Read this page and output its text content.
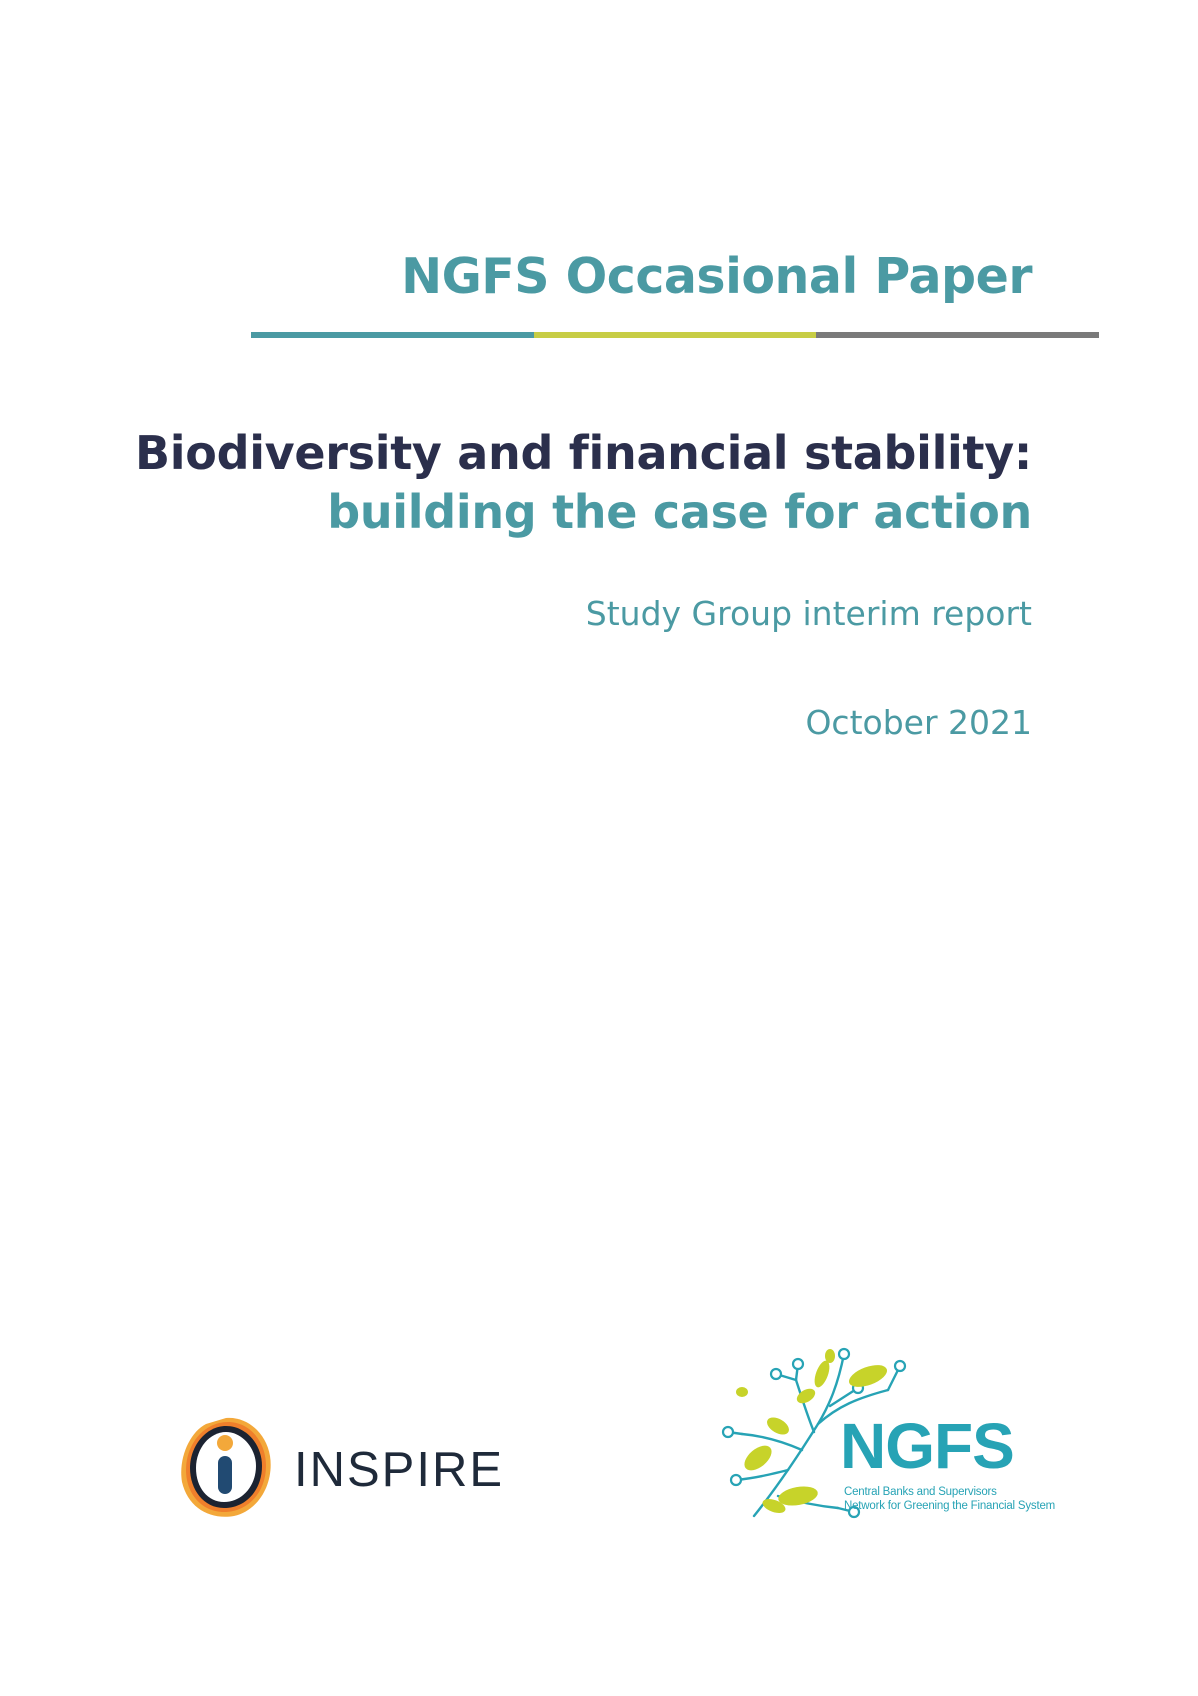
NGFS Occasional Paper
Biodiversity and financial stability:
building the case for action
Study Group interim report
October 2021
INSPIRE	NGFS
Central Banks and Supervisors
Network for Greening the Financial System
